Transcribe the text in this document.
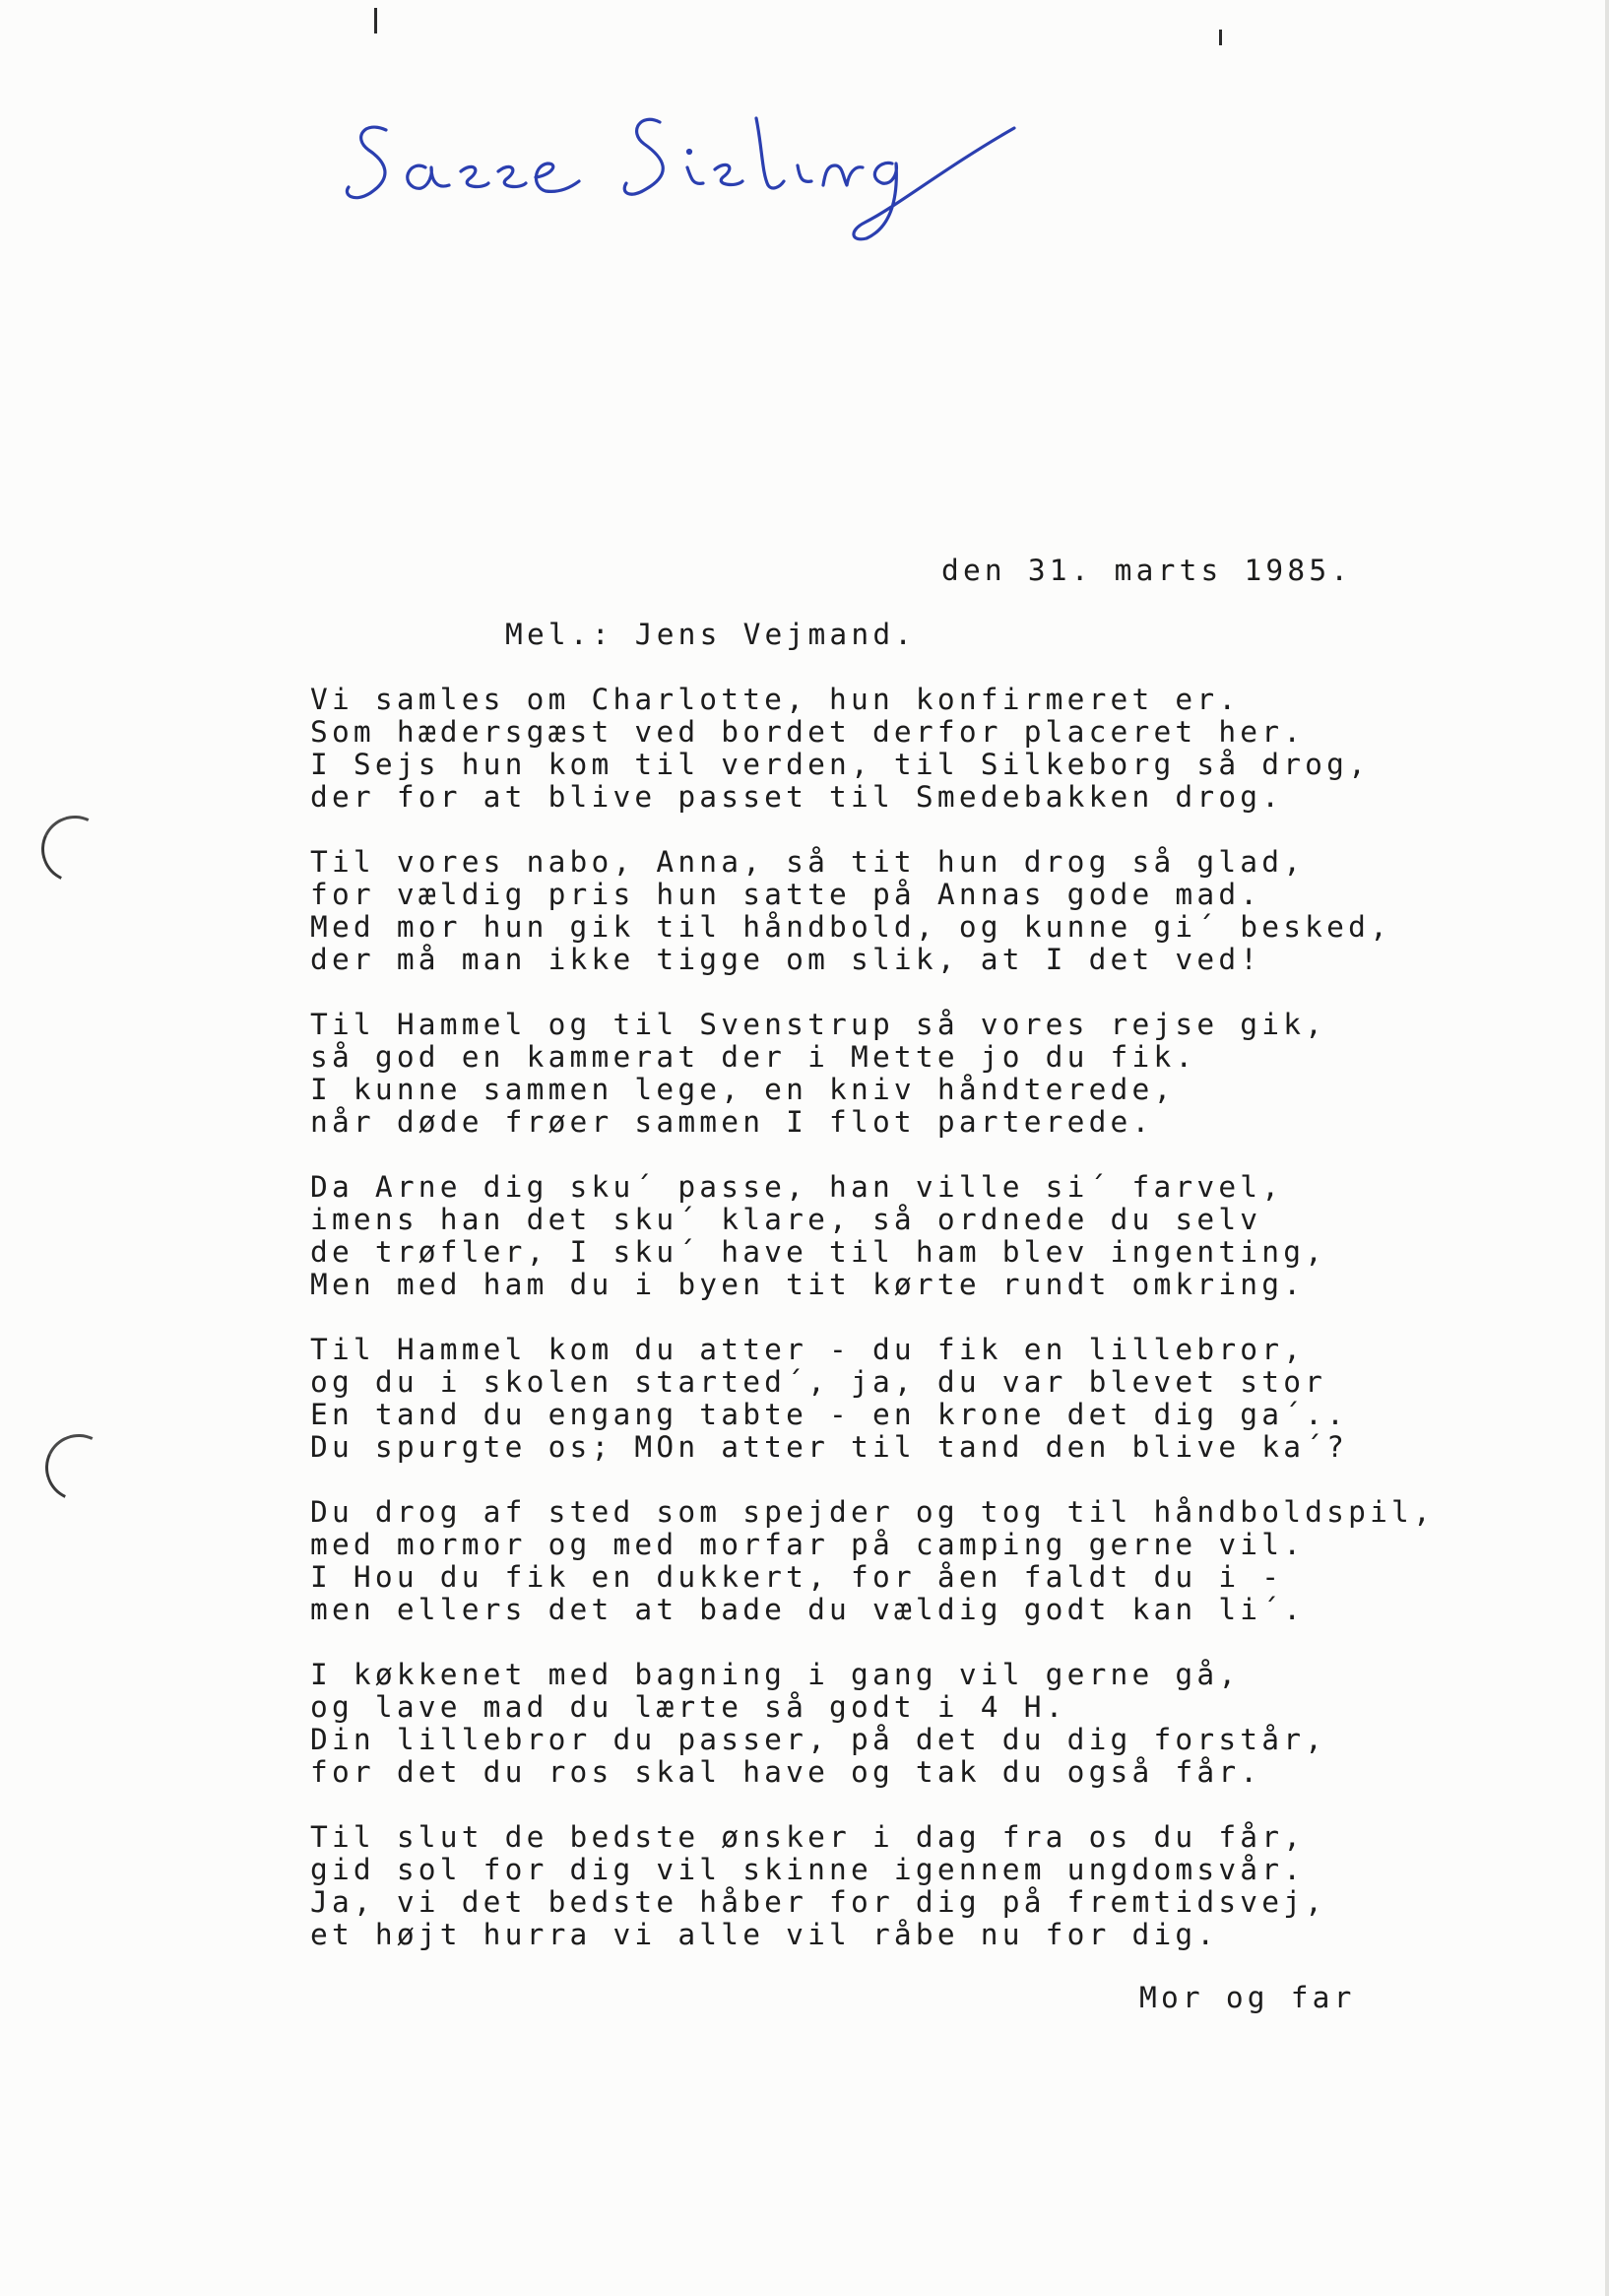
den 31. marts 1985.
Mel.: Jens Vejmand.
Vi samles om Charlotte, hun konfirmeret er.
Som hædersgæst ved bordet derfor placeret her.
I Sejs hun kom til verden, til Silkeborg så drog,
der for at blive passet til Smedebakken drog.
Til vores nabo, Anna, så tit hun drog så glad,
for vældig pris hun satte på Annas gode mad.
Med mor hun gik til håndbold, og kunne gi´ besked,
der må man ikke tigge om slik, at I det ved!
Til Hammel og til Svenstrup så vores rejse gik,
så god en kammerat der i Mette jo du fik.
I kunne sammen lege, en kniv håndterede,
når døde frøer sammen I flot parterede.
Da Arne dig sku´ passe, han ville si´ farvel,
imens han det sku´ klare, så ordnede du selv
de trøfler, I sku´ have til ham blev ingenting,
Men med ham du i byen tit kørte rundt omkring.
Til Hammel kom du atter - du fik en lillebror,
og du i skolen started´, ja, du var blevet stor
En tand du engang tabte - en krone det dig ga´..
Du spurgte os; MOn atter til tand den blive ka´?
Du drog af sted som spejder og tog til håndboldspil,
med mormor og med morfar på camping gerne vil.
I Hou du fik en dukkert, for åen faldt du i -
men ellers det at bade du vældig godt kan li´.
I køkkenet med bagning i gang vil gerne gå,
og lave mad du lærte så godt i 4 H.
Din lillebror du passer, på det du dig forstår,
for det du ros skal have og tak du også får.
Til slut de bedste ønsker i dag fra os du får,
gid sol for dig vil skinne igennem ungdomsvår.
Ja, vi det bedste håber for dig på fremtidsvej,
et højt hurra vi alle vil råbe nu for dig.
Mor og far
